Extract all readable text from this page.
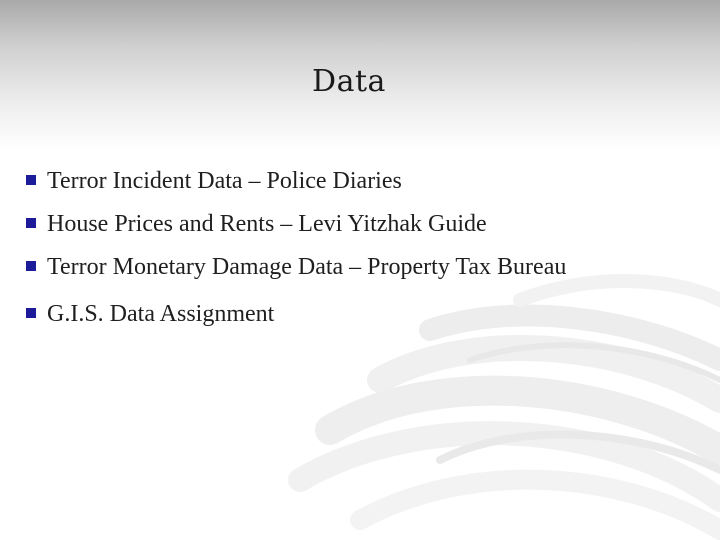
Data
Terror Incident Data – Police Diaries
House Prices and Rents – Levi Yitzhak Guide
Terror Monetary Damage Data – Property Tax Bureau
G.I.S. Data Assignment
